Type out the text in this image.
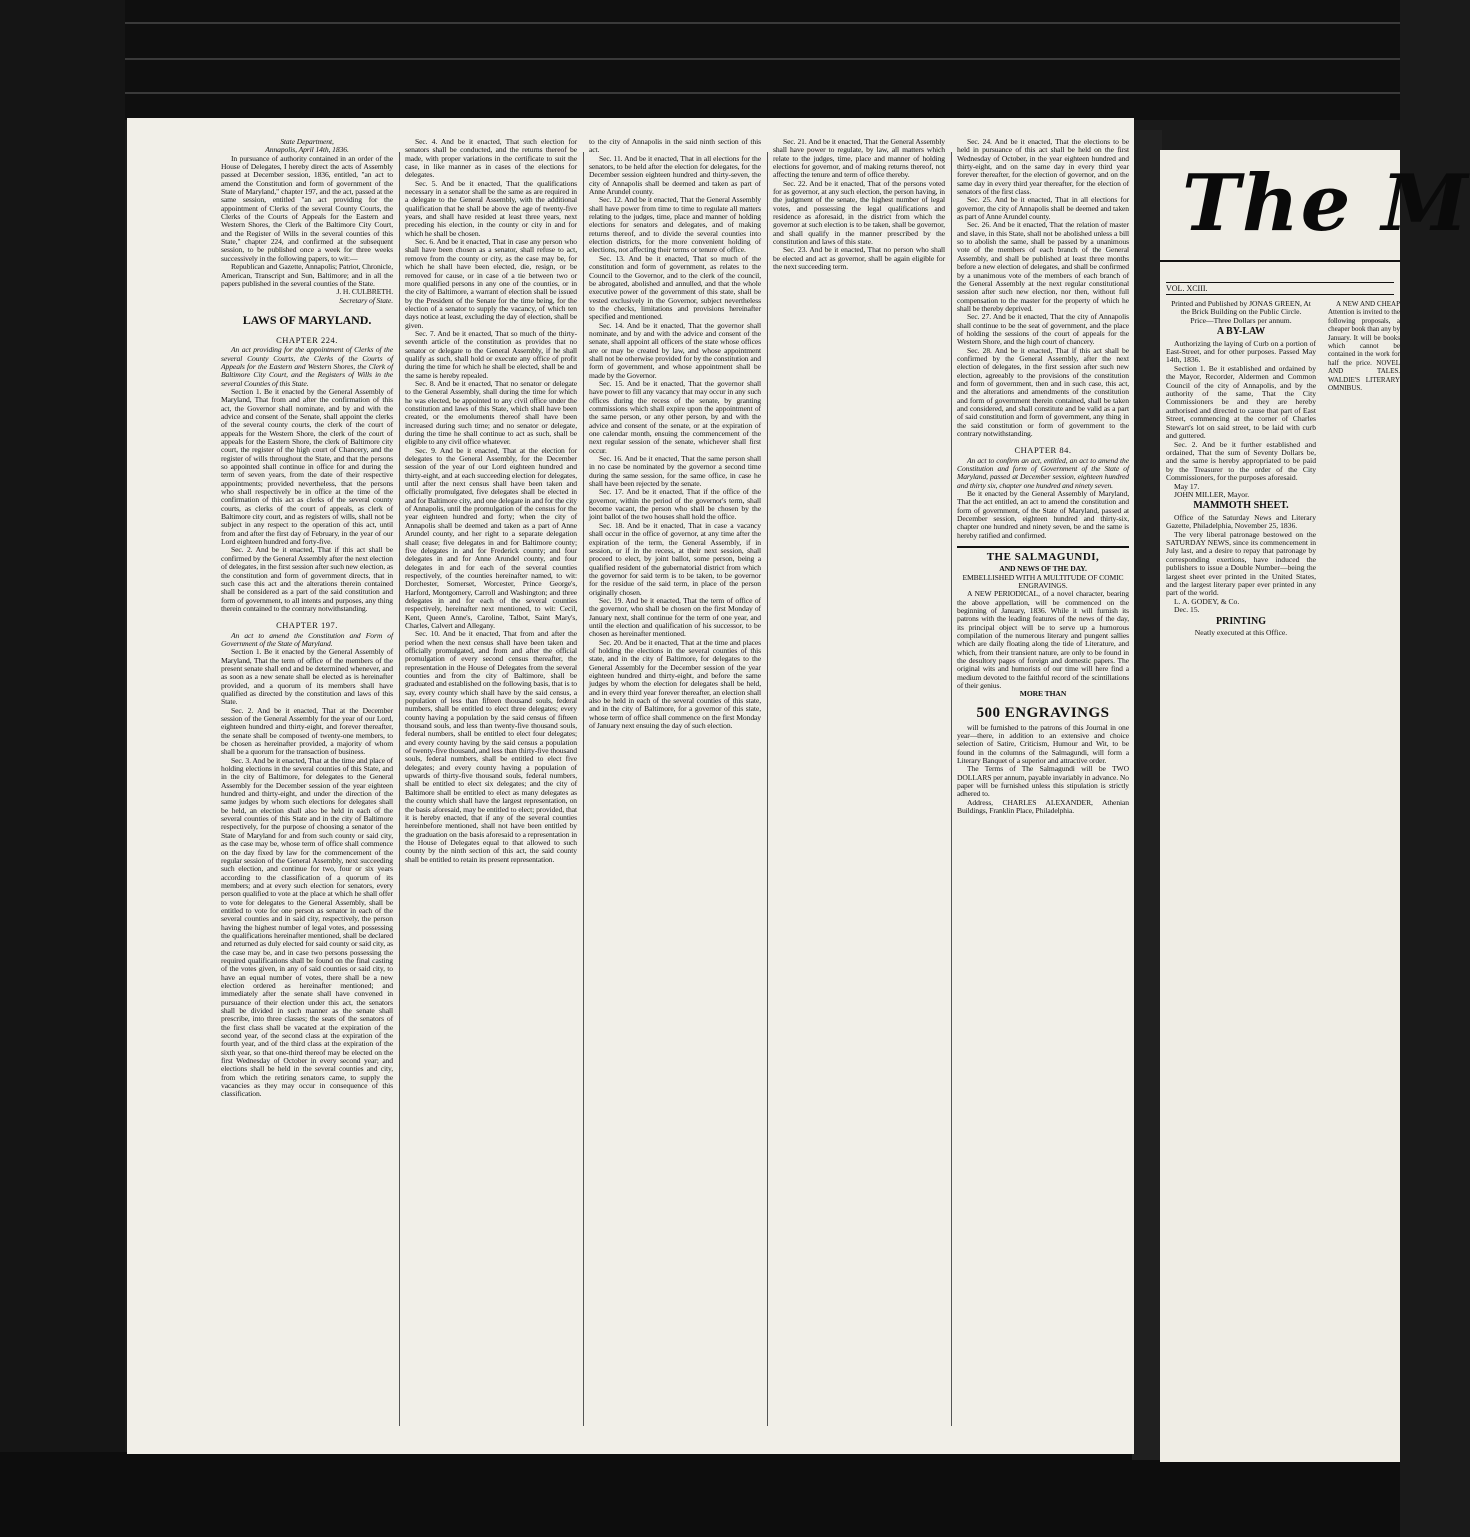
State Department,

Annapolis, April 14th, 1836.

In pursuance of authority contained in an order of the House of Delegates, I hereby direct the acts of Assembly passed at December session, 1836, entitled, "an act to amend the Constitution and form of government of the State of Maryland," chapter 197, and the act, passed at the same session, entitled "an act providing for the appointment of Clerks of the several County Courts, the Clerks of the Courts of Appeals for the Eastern and Western Shores, the Clerk of the Baltimore City Court, and the Register of Wills in the several counties of this State," chapter 224, and confirmed at the subsequent session, to be published once a week for three weeks successively in the following papers, to wit:—

Republican and Gazette, Annapolis; Patriot, Chronicle, American, Transcript and Sun, Baltimore; and in all the papers published in the several counties of the State.

J. H. CULBRETH.

Secretary of State.

LAWS OF MARYLAND.
CHAPTER 224.

An act providing for the appointment of Clerks of the several County Courts, the Clerks of the Courts of Appeals for the Eastern and Western Shores, the Clerk of Baltimore City Court, and the Registers of Wills in the several Counties of this State.

Section 1. Be it enacted by the General Assembly of Maryland, That from and after the confirmation of this act, the Governor shall nominate, and by and with the advice and consent of the Senate, shall appoint the clerks of the several county courts, the clerk of the court of appeals for the Western Shore, the clerk of the court of appeals for the Eastern Shore, the clerk of Baltimore city court, the register of the high court of Chancery, and the register of wills throughout the State, and that the persons so appointed shall continue in office for and during the term of seven years, from the date of their respective appointments; provided nevertheless, that the persons who shall respectively be in office at the time of the confirmation of this act as clerks of the several county courts, as clerks of the court of appeals, as clerk of Baltimore city court, and as registers of wills, shall not be subject in any respect to the operation of this act, until from and after the first day of February, in the year of our Lord eighteen hundred and forty-five.

Sec. 2. And be it enacted, That if this act shall be confirmed by the General Assembly after the next election of delegates, in the first session after such new election, as the constitution and form of government directs, that in such case this act and the alterations therein contained shall be considered as a part of the said constitution and form of government, to all intents and purposes, any thing therein contained to the contrary notwithstanding.

CHAPTER 197.

An act to amend the Constitution and Form of Government of the State of Maryland.

Section 1. Be it enacted by the General Assembly of Maryland, That the term of office of the members of the present senate shall end and be determined whenever, and as soon as a new senate shall be elected as is hereinafter provided, and a quorum of its members shall have qualified as directed by the constitution and laws of this State.

Sec. 2. And be it enacted, That at the December session of the General Assembly for the year of our Lord, eighteen hundred and thirty-eight, and forever thereafter, the senate shall be composed of twenty-one members, to be chosen as hereinafter provided, a majority of whom shall be a quorum for the transaction of business.

Sec. 3. And be it enacted, That at the time and place of holding elections in the several counties of this State, and in the city of Baltimore, for delegates to the General Assembly for the December session of the year eighteen hundred and thirty-eight, and under the direction of the same judges by whom such elections for delegates shall be held, an election shall also be held in each of the several counties of this State and in the city of Baltimore respectively, for the purpose of choosing a senator of the State of Maryland for and from such county or said city, as the case may be, whose term of office shall commence on the day fixed by law for the commencement of the regular session of the General Assembly, next succeeding such election, and continue for two, four or six years according to the classification of a quorum of its members; and at every such election for senators, every person qualified to vote at the place at which he shall offer to vote for delegates to the General Assembly, shall be entitled to vote for one person as senator in each of the several counties and in said city, respectively, the person having the highest number of legal votes, and possessing the qualifications hereinafter mentioned, shall be declared and returned as duly elected for said county or said city, as the case may be, and in case two persons possessing the required qualifications shall be found on the final casting of the votes given, in any of said counties or said city, to have an equal number of votes, there shall be a new election ordered as hereinafter mentioned; and immediately after the senate shall have convened in pursuance of their election under this act, the senators shall be divided in such manner as the senate shall prescribe, into three classes; the seats of the senators of the first class shall be vacated at the expiration of the second year, of the second class at the expiration of the fourth year, and of the third class at the expiration of the sixth year, so that one-third thereof may be elected on the first Wednesday of October in every second year; and elections shall be held in the several counties and city, from which the retiring senators came, to supply the vacancies as they may occur in consequence of this classification.

Sec. 4. And be it enacted, That such election for senators shall be conducted, and the returns thereof be made, with proper variations in the certificate to suit the case, in like manner as in cases of the elections for delegates.

Sec. 5. And be it enacted, That the qualifications necessary in a senator shall be the same as are required in a delegate to the General Assembly, with the additional qualification that he shall be above the age of twenty-five years, and shall have resided at least three years, next preceding his election, in the county or city in and for which he shall be chosen.

Sec. 6. And be it enacted, That in case any person who shall have been chosen as a senator, shall refuse to act, remove from the county or city, as the case may be, for which he shall have been elected, die, resign, or be removed for cause, or in case of a tie between two or more qualified persons in any one of the counties, or in the city of Baltimore, a warrant of election shall be issued by the President of the Senate for the time being, for the election of a senator to supply the vacancy, of which ten days notice at least, excluding the day of election, shall be given.

Sec. 7. And be it enacted, That so much of the thirty-seventh article of the constitution as provides that no senator or delegate to the General Assembly, if he shall qualify as such, shall hold or execute any office of profit during the time for which he shall be elected, shall be and the same is hereby repealed.

Sec. 8. And be it enacted, That no senator or delegate to the General Assembly, shall during the time for which he was elected, be appointed to any civil office under the constitution and laws of this State, which shall have been created, or the emoluments thereof shall have been increased during such time; and no senator or delegate, during the time he shall continue to act as such, shall be eligible to any civil office whatever.

Sec. 9. And be it enacted, That at the election for delegates to the General Assembly, for the December session of the year of our Lord eighteen hundred and thirty-eight, and at each succeeding election for delegates, until after the next census shall have been taken and officially promulgated, five delegates shall be elected in and for Baltimore city, and one delegate in and for the city of Annapolis, until the promulgation of the census for the year eighteen hundred and forty; when the city of Annapolis shall be deemed and taken as a part of Anne Arundel county, and her right to a separate delegation shall cease; five delegates in and for Baltimore county; five delegates in and for Frederick county; and four delegates in and for Anne Arundel county, and four delegates in and for each of the several counties respectively, of the counties hereinafter named, to wit: Dorchester, Somerset, Worcester, Prince George's, Harford, Montgomery, Carroll and Washington; and three delegates in and for each of the several counties respectively, hereinafter next mentioned, to wit: Cecil, Kent, Queen Anne's, Caroline, Talbot, Saint Mary's, Charles, Calvert and Allegany.

Sec. 10. And be it enacted, That from and after the period when the next census shall have been taken and officially promulgated, and from and after the official promulgation of every second census thereafter, the representation in the House of Delegates from the several counties and from the city of Baltimore, shall be graduated and established on the following basis, that is to say, every county which shall have by the said census, a population of less than fifteen thousand souls, federal numbers, shall be entitled to elect three delegates; every county having a population by the said census of fifteen thousand souls, and less than twenty-five thousand souls, federal numbers, shall be entitled to elect four delegates; and every county having by the said census a population of twenty-five thousand, and less than thirty-five thousand souls, federal numbers, shall be entitled to elect five delegates; and every county having a population of upwards of thirty-five thousand souls, federal numbers, shall be entitled to elect six delegates; and the city of Baltimore shall be entitled to elect as many delegates as the county which shall have the largest representation, on the basis aforesaid, may be entitled to elect; provided, that it is hereby enacted, that if any of the several counties hereinbefore mentioned, shall not have been entitled by the graduation on the basis aforesaid to a representation in the House of Delegates equal to that allowed to such county by the ninth section of this act, the said county shall be entitled to retain its present representation.

to the city of Annapolis in the said ninth section of this act.

Sec. 11. And be it enacted, That in all elections for the senators, to be held after the election for delegates, for the December session eighteen hundred and thirty-seven, the city of Annapolis shall be deemed and taken as part of Anne Arundel county.

Sec. 12. And be it enacted, That the General Assembly shall have power from time to time to regulate all matters relating to the judges, time, place and manner of holding elections for senators and delegates, and of making returns thereof, and to divide the several counties into election districts, for the more convenient holding of elections, not affecting their terms or tenure of office.

Sec. 13. And be it enacted, That so much of the constitution and form of government, as relates to the Council to the Governor, and to the clerk of the council, be abrogated, abolished and annulled, and that the whole executive power of the government of this state, shall be vested exclusively in the Governor, subject nevertheless to the checks, limitations and provisions hereinafter specified and mentioned.

Sec. 14. And be it enacted, That the governor shall nominate, and by and with the advice and consent of the senate, shall appoint all officers of the state whose offices are or may be created by law, and whose appointment shall not be otherwise provided for by the constitution and form of government, and whose appointment shall be made by the Governor.

Sec. 15. And be it enacted, That the governor shall have power to fill any vacancy that may occur in any such offices during the recess of the senate, by granting commissions which shall expire upon the appointment of the same person, or any other person, by and with the advice and consent of the senate, or at the expiration of one calendar month, ensuing the commencement of the next regular session of the senate, whichever shall first occur.

Sec. 16. And be it enacted, That the same person shall in no case be nominated by the governor a second time during the same session, for the same office, in case he shall have been rejected by the senate.

Sec. 17. And be it enacted, That if the office of the governor, within the period of the governor's term, shall become vacant, the person who shall be chosen by the joint ballot of the two houses shall hold the office.

Sec. 18. And be it enacted, That in case a vacancy shall occur in the office of governor, at any time after the expiration of the term, the General Assembly, if in session, or if in the recess, at their next session, shall proceed to elect, by joint ballot, some person, being a qualified resident of the gubernatorial district from which the governor for said term is to be taken, to be governor for the residue of the said term, in place of the person originally chosen.

Sec. 19. And be it enacted, That the term of office of the governor, who shall be chosen on the first Monday of January next, shall continue for the term of one year, and until the election and qualification of his successor, to be chosen as hereinafter mentioned.

Sec. 20. And be it enacted, That at the time and places of holding the elections in the several counties of this state, and in the city of Baltimore, for delegates to the General Assembly for the December session of the year eighteen hundred and thirty-eight, and before the same judges by whom the election for delegates shall be held, and in every third year forever thereafter, an election shall also be held in each of the several counties of this state, and in the city of Baltimore, for a governor of this state, whose term of office shall commence on the first Monday of January next ensuing the day of such election.

Sec. 21. And be it enacted, That the General Assembly shall have power to regulate, by law, all matters which relate to the judges, time, place and manner of holding elections for governor, and of making returns thereof, not affecting the tenure and term of office thereby.

Sec. 22. And be it enacted, That of the persons voted for as governor, at any such election, the person having, in the judgment of the senate, the highest number of legal votes, and possessing the legal qualifications and residence as aforesaid, in the district from which the governor at such election is to be taken, shall be governor, and shall qualify in the manner prescribed by the constitution and laws of this state.

Sec. 23. And be it enacted, That no person who shall be elected and act as governor, shall be again eligible for the next succeeding term.

Sec. 24. And be it enacted, That the elections to be held in pursuance of this act shall be held on the first Wednesday of October, in the year eighteen hundred and thirty-eight, and on the same day in every third year forever thereafter, for the election of governor, and on the same day in every third year thereafter, for the election of senators of the first class.

Sec. 25. And be it enacted, That in all elections for governor, the city of Annapolis shall be deemed and taken as part of Anne Arundel county.

Sec. 26. And be it enacted, That the relation of master and slave, in this State, shall not be abolished unless a bill so to abolish the same, shall be passed by a unanimous vote of the members of each branch of the General Assembly, and shall be published at least three months before a new election of delegates, and shall be confirmed by a unanimous vote of the members of each branch of the General Assembly at the next regular constitutional session after such new election, nor then, without full compensation to the master for the property of which he shall be thereby deprived.

Sec. 27. And be it enacted, That the city of Annapolis shall continue to be the seat of government, and the place of holding the sessions of the court of appeals for the Western Shore, and the high court of chancery.

Sec. 28. And be it enacted, That if this act shall be confirmed by the General Assembly, after the next election of delegates, in the first session after such new election, agreeably to the provisions of the constitution and form of government, then and in such case, this act, and the alterations and amendments of the constitution and form of government therein contained, shall be taken and considered, and shall constitute and be valid as a part of said constitution and form of government, any thing in the said constitution or form of government to the contrary notwithstanding.

CHAPTER 84.

An act to confirm an act, entitled, an act to amend the Constitution and form of Government of the State of Maryland, passed at December session, eighteen hundred and thirty six, chapter one hundred and ninety seven.

Be it enacted by the General Assembly of Maryland, That the act entitled, an act to amend the constitution and form of government, of the State of Maryland, passed at December session, eighteen hundred and thirty-six, chapter one hundred and ninety seven, be and the same is hereby ratified and confirmed.

THE SALMAGUNDI,

AND NEWS OF THE DAY.

EMBELLISHED WITH A MULTITUDE OF COMIC ENGRAVINGS.

A NEW PERIODICAL, of a novel character, bearing the above appellation, will be commenced on the beginning of January, 1836. While it will furnish its patrons with the leading features of the news of the day, its principal object will be to serve up a humorous compilation of the numerous literary and pungent sallies which are daily floating along the tide of Literature, and which, from their transient nature, are only to be found in the desultory pages of foreign and domestic papers. The original wits and humorists of our time will here find a medium devoted to the faithful record of the scintillations of their genius.

MORE THAN

500 ENGRAVINGS

will be furnished to the patrons of this Journal in one year—there, in addition to an extensive and choice selection of Satire, Criticism, Humour and Wit, to be found in the columns of the Salmagundi, will form a Literary Banquet of a superior and attractive order.

The Terms of The Salmagundi will be TWO DOLLARS per annum, payable invariably in advance. No paper will be furnished unless this stipulation is strictly adhered to.

Address, CHARLES ALEXANDER, Athenian Buildings, Franklin Place, Philadelphia.

The M
VOL. XCIII.

Printed and Published by JONAS GREEN, At the Brick Building on the Public Circle.

Price—Three Dollars per annum.

A BY-LAW

Authorizing the laying of Curb on a portion of East-Street, and for other purposes. Passed May 14th, 1836.

Section 1. Be it established and ordained by the Mayor, Recorder, Aldermen and Common Council of the city of Annapolis, and by the authority of the same, That the City Commissioners be and they are hereby authorised and directed to cause that part of East Street, commencing at the corner of Charles Stewart's lot on said street, to be laid with curb and guttered.

Sec. 2. And be it further established and ordained, That the sum of Seventy Dollars be, and the same is hereby appropriated to be paid by the Treasurer to the order of the City Commissioners, for the purposes aforesaid.

May 17.

JOHN MILLER, Mayor.

MAMMOTH SHEET.

Office of the Saturday News and Literary Gazette, Philadelphia, November 25, 1836.

The very liberal patronage bestowed on the SATURDAY NEWS, since its commencement in July last, and a desire to repay that patronage by corresponding exertions, have induced the publishers to issue a Double Number—being the largest sheet ever printed in the United States, and the largest literary paper ever printed in any part of the world.

L. A. GODEY, & Co.

Dec. 15.

PRINTING

Neatly executed at this Office.

A NEW AND CHEAP Attention is invited to the following proposals, a cheaper book than any by January. It will be books which cannot be contained in the work for half the price. NOVEL AND TALES. WALDIE'S LITERARY OMNIBUS.
